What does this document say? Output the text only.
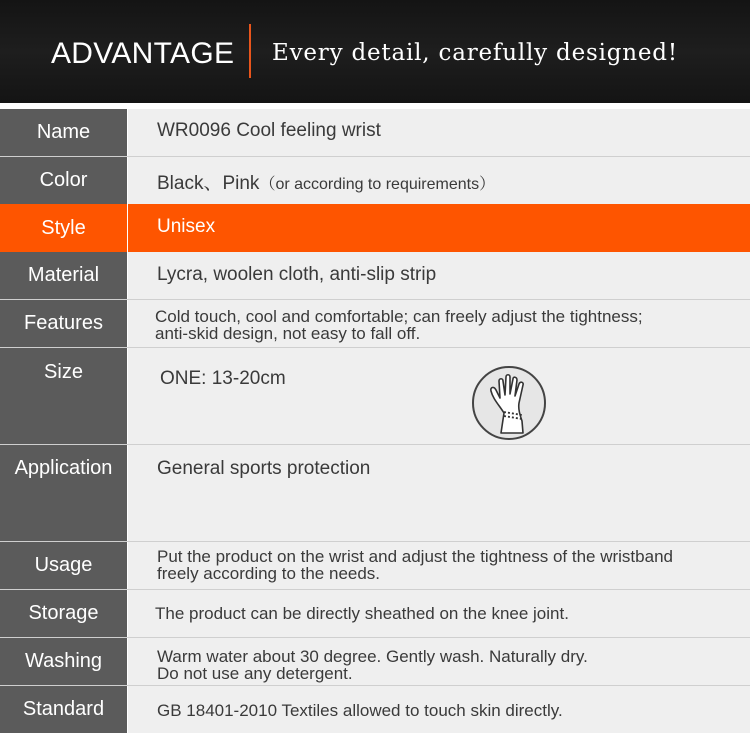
ADVANTAGE Every detail, carefully designed!
Name	WR0096 Cool feeling wrist
Color	Black、Pink（or according to requirements）
Style	Unisex
Material	Lycra, woolen cloth, anti-slip strip
Features	Cold touch, cool and comfortable; can freely adjust the tightness;
anti-skid design, not easy to fall off.
Size	ONE: 13-20cm
Application	General sports protection
Usage	Put the product on the wrist and adjust the tightness of the wristband
freely according to the needs.
Storage	The product can be directly sheathed on the knee joint.
Washing	Warm water about 30 degree. Gently wash. Naturally dry.
Do not use any detergent.
Standard	GB 18401-2010 Textiles allowed to touch skin directly.
